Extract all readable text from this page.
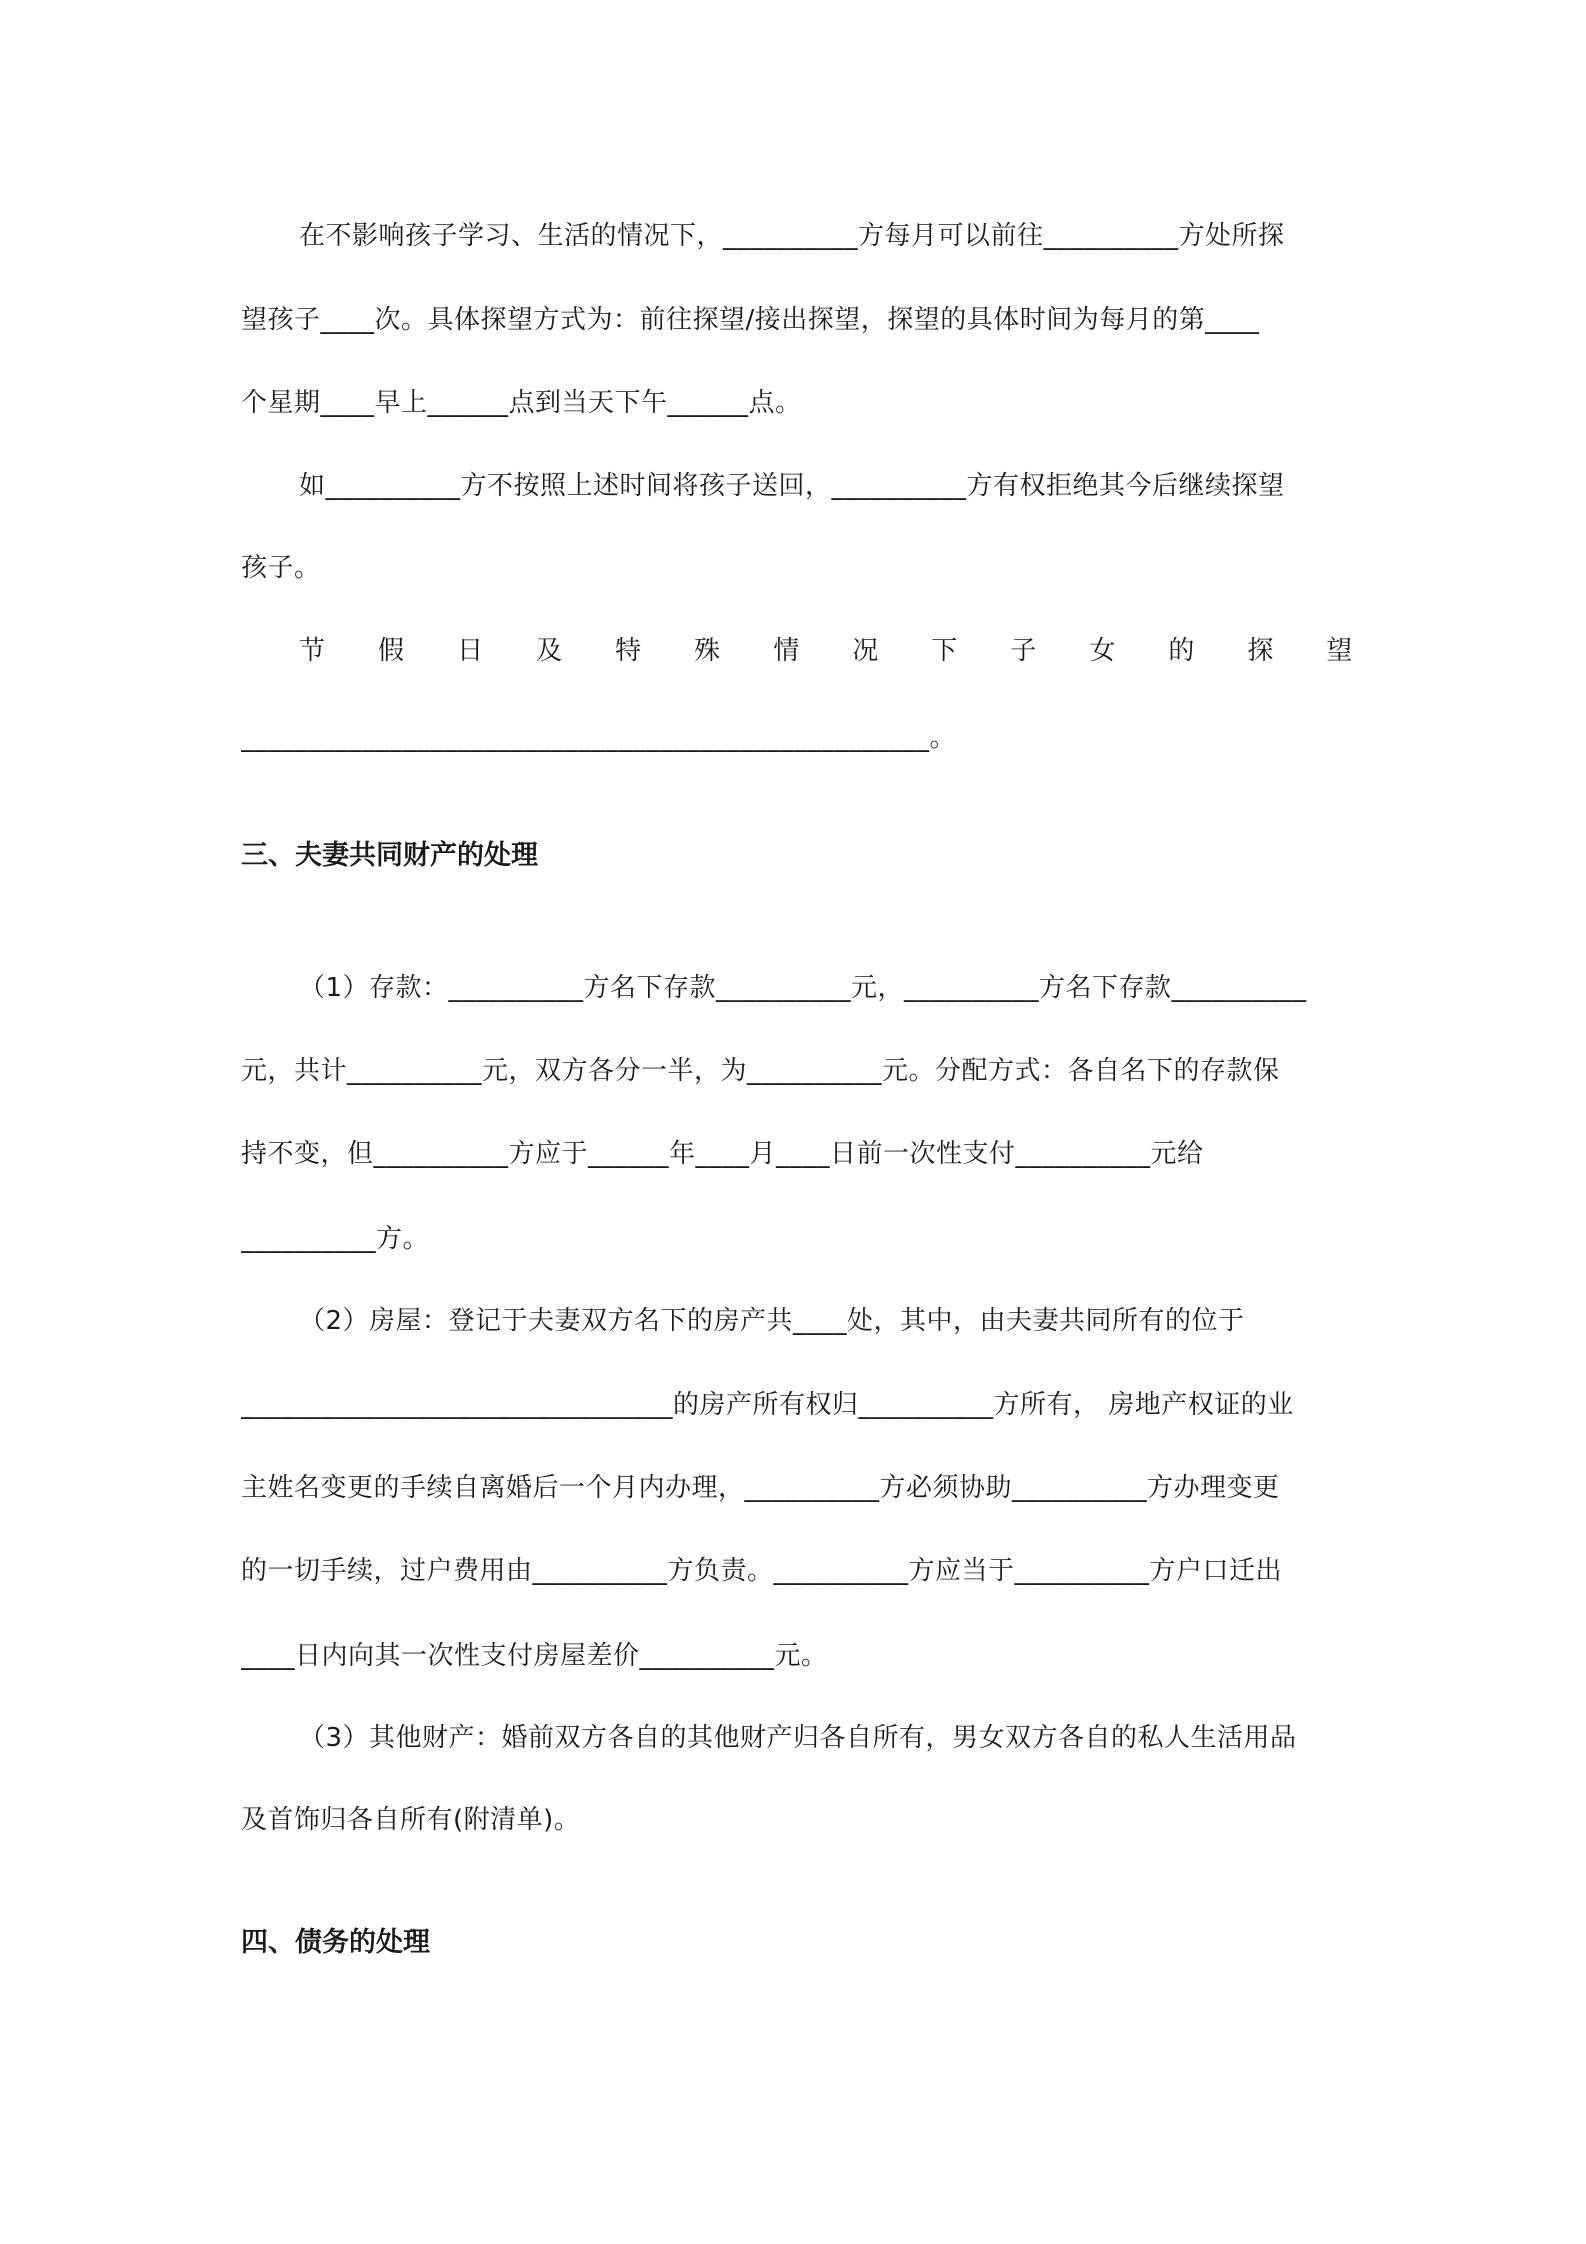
在不影响孩子学习、生活的情况下，__________方每月可以前往__________方处所探

望孩子____次。具体探望方式为：前往探望/接出探望，探望的具体时间为每月的第____

个星期____早上______点到当天下午______点。

如__________方不按照上述时间将孩子送回，__________方有权拒绝其今后继续探望

孩子。

节 假 日 及 特 殊 情 况 下 子 女 的 探 望

___________________________________________________。

三、夫妻共同财产的处理

（1）存款：__________方名下存款__________元，__________方名下存款__________

元，共计__________元，双方各分一半，为__________元。分配方式：各自名下的存款保

持不变，但__________方应于______年____月____日前一次性支付__________元给

__________方。

（2）房屋：登记于夫妻双方名下的房产共____处，其中，由夫妻共同所有的位于

________________________________的房产所有权归__________方所有， 房地产权证的业

主姓名变更的手续自离婚后一个月内办理，__________方必须协助__________方办理变更

的一切手续，过户费用由__________方负责。__________方应当于__________方户口迁出

____日内向其一次性支付房屋差价__________元。

（3）其他财产：婚前双方各自的其他财产归各自所有，男女双方各自的私人生活用品

及首饰归各自所有(附清单)。

四、债务的处理
